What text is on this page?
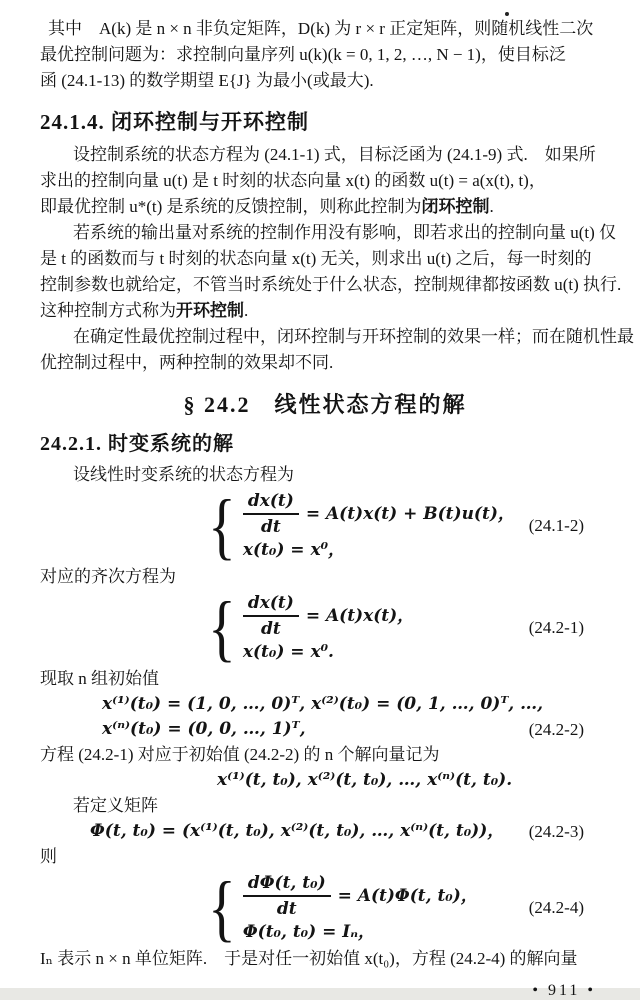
其中　A(k) 是 n × n 非负定矩阵，D(k) 为 r × r 正定矩阵，则随机线性二次

最优控制问题为：求控制向量序列 u(k)(k = 0, 1, 2, …, N − 1)，使目标泛

函 (24.1-13) 的数学期望 E{J} 为最小(或最大).

24.1.4. 闭环控制与开环控制

设控制系统的状态方程为 (24.1-1) 式，目标泛函为 (24.1-9) 式.　如果所

求出的控制向量 u(t) 是 t 时刻的状态向量 x(t) 的函数 u(t) = a(x(t), t)，

即最优控制 u*(t) 是系统的反馈控制，则称此控制为闭环控制.

若系统的输出量对系统的控制作用没有影响，即若求出的控制向量 u(t) 仅

是 t 的函数而与 t 时刻的状态向量 x(t) 无关，则求出 u(t) 之后，每一时刻的

控制参数也就给定，不管当时系统处于什么状态，控制规律都按函数 u(t) 执行.

这种控制方式称为开环控制.

在确定性最优控制过程中，闭环控制与开环控制的效果一样；而在随机性最

优控制过程中，两种控制的效果却不同.

§ 24.2　线性状态方程的解
24.2.1. 时变系统的解

设线性时变系统的状态方程为

{ $\frac{dx(t)}{dt} = A(t)x(t) + B(t)u(t)$，
x(t₀) = x⁰，
(24.1-2)

对应的齐次方程为

{ $\frac{dx(t)}{dt} = A(t)x(t)$，
x(t₀) = x⁰.
(24.2-1)

现取 n 组初始值

x⁽¹⁾(t₀) = (1, 0, …, 0)ᵀ, x⁽²⁾(t₀) = (0, 1, …, 0)ᵀ, …,
x⁽ⁿ⁾(t₀) = (0, 0, …, 1)ᵀ,	(24.2-2)

方程 (24.2-1) 对应于初始值 (24.2-2) 的 n 个解向量记为

x⁽¹⁾(t, t₀), x⁽²⁾(t, t₀), …, x⁽ⁿ⁾(t, t₀).

若定义矩阵

Φ(t, t₀) = (x⁽¹⁾(t, t₀), x⁽²⁾(t, t₀), …, x⁽ⁿ⁾(t, t₀))， (24.2-3)

则

{ $\frac{\text{dΦ(t, t₀)}}{dt} = A(t)\Phi(t$, t₀)，
Φ(t₀, t₀) = Iₙ，
(24.2-4)

Iₙ 表示 n × n 单位矩阵.　于是对任一初始值 x(t₀)，方程 (24.2-4) 的解向量

• 911 •
